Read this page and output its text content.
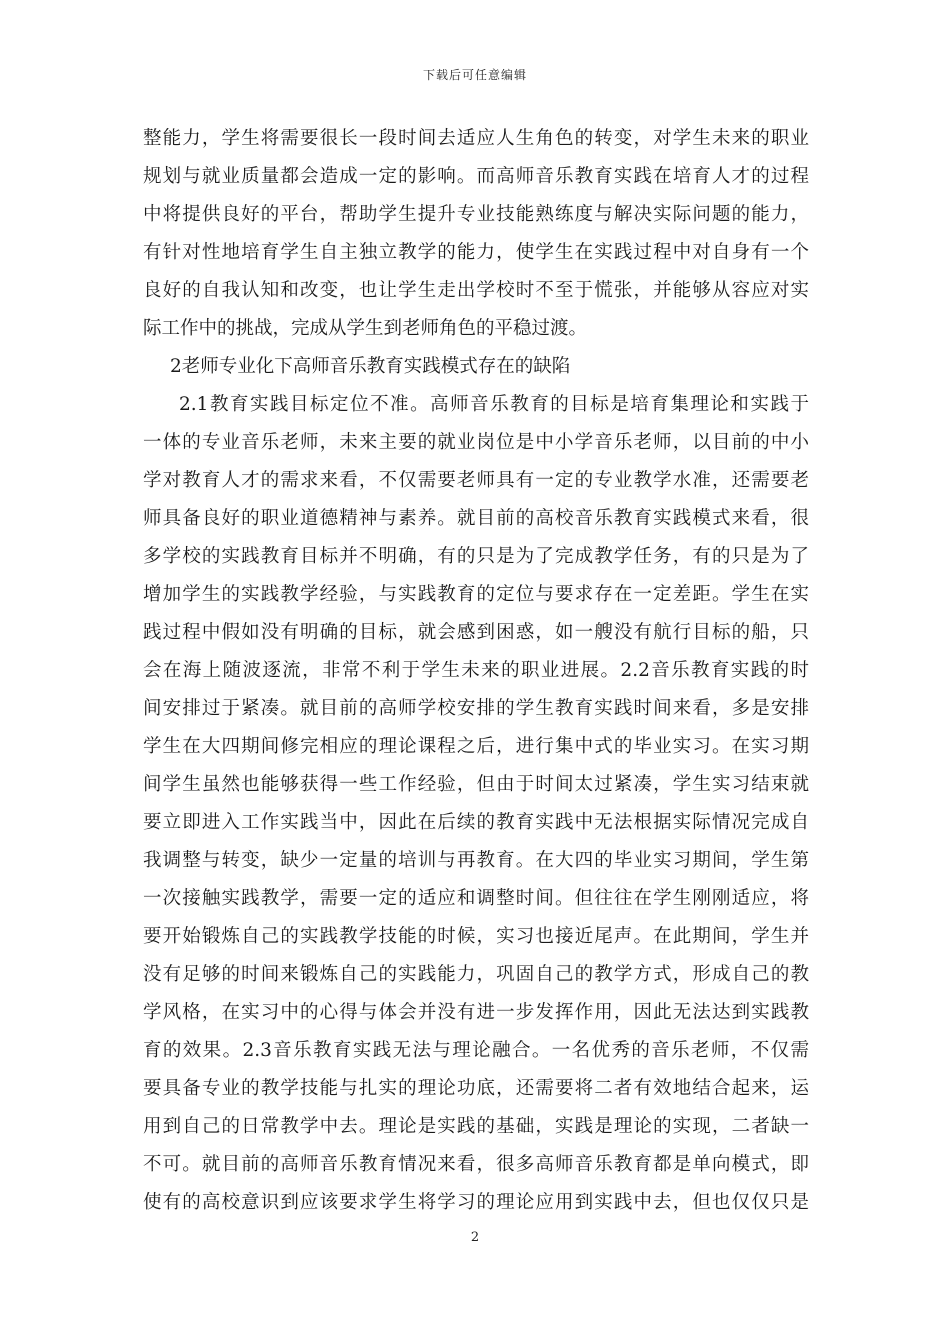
下载后可任意编辑
整能力，学生将需要很长一段时间去适应人生角色的转变，对学生未来的职业
规划与就业质量都会造成一定的影响。而高师音乐教育实践在培育人才的过程
中将提供良好的平台，帮助学生提升专业技能熟练度与解决实际问题的能力，
有针对性地培育学生自主独立教学的能力，使学生在实践过程中对自身有一个
良好的自我认知和改变，也让学生走出学校时不至于慌张，并能够从容应对实
际工作中的挑战，完成从学生到老师角色的平稳过渡。
2老师专业化下高师音乐教育实践模式存在的缺陷
2.1教育实践目标定位不准。高师音乐教育的目标是培育集理论和实践于
一体的专业音乐老师，未来主要的就业岗位是中小学音乐老师，以目前的中小
学对教育人才的需求来看，不仅需要老师具有一定的专业教学水准，还需要老
师具备良好的职业道德精神与素养。就目前的高校音乐教育实践模式来看，很
多学校的实践教育目标并不明确，有的只是为了完成教学任务，有的只是为了
增加学生的实践教学经验，与实践教育的定位与要求存在一定差距。学生在实
践过程中假如没有明确的目标，就会感到困惑，如一艘没有航行目标的船，只
会在海上随波逐流，非常不利于学生未来的职业进展。2.2音乐教育实践的时
间安排过于紧凑。就目前的高师学校安排的学生教育实践时间来看，多是安排
学生在大四期间修完相应的理论课程之后，进行集中式的毕业实习。在实习期
间学生虽然也能够获得一些工作经验，但由于时间太过紧凑，学生实习结束就
要立即进入工作实践当中，因此在后续的教育实践中无法根据实际情况完成自
我调整与转变，缺少一定量的培训与再教育。在大四的毕业实习期间，学生第
一次接触实践教学，需要一定的适应和调整时间。但往往在学生刚刚适应，将
要开始锻炼自己的实践教学技能的时候，实习也接近尾声。在此期间，学生并
没有足够的时间来锻炼自己的实践能力，巩固自己的教学方式，形成自己的教
学风格，在实习中的心得与体会并没有进一步发挥作用，因此无法达到实践教
育的效果。2.3音乐教育实践无法与理论融合。一名优秀的音乐老师，不仅需
要具备专业的教学技能与扎实的理论功底，还需要将二者有效地结合起来，运
用到自己的日常教学中去。理论是实践的基础，实践是理论的实现，二者缺一
不可。就目前的高师音乐教育情况来看，很多高师音乐教育都是单向模式，即
使有的高校意识到应该要求学生将学习的理论应用到实践中去，但也仅仅只是
2
